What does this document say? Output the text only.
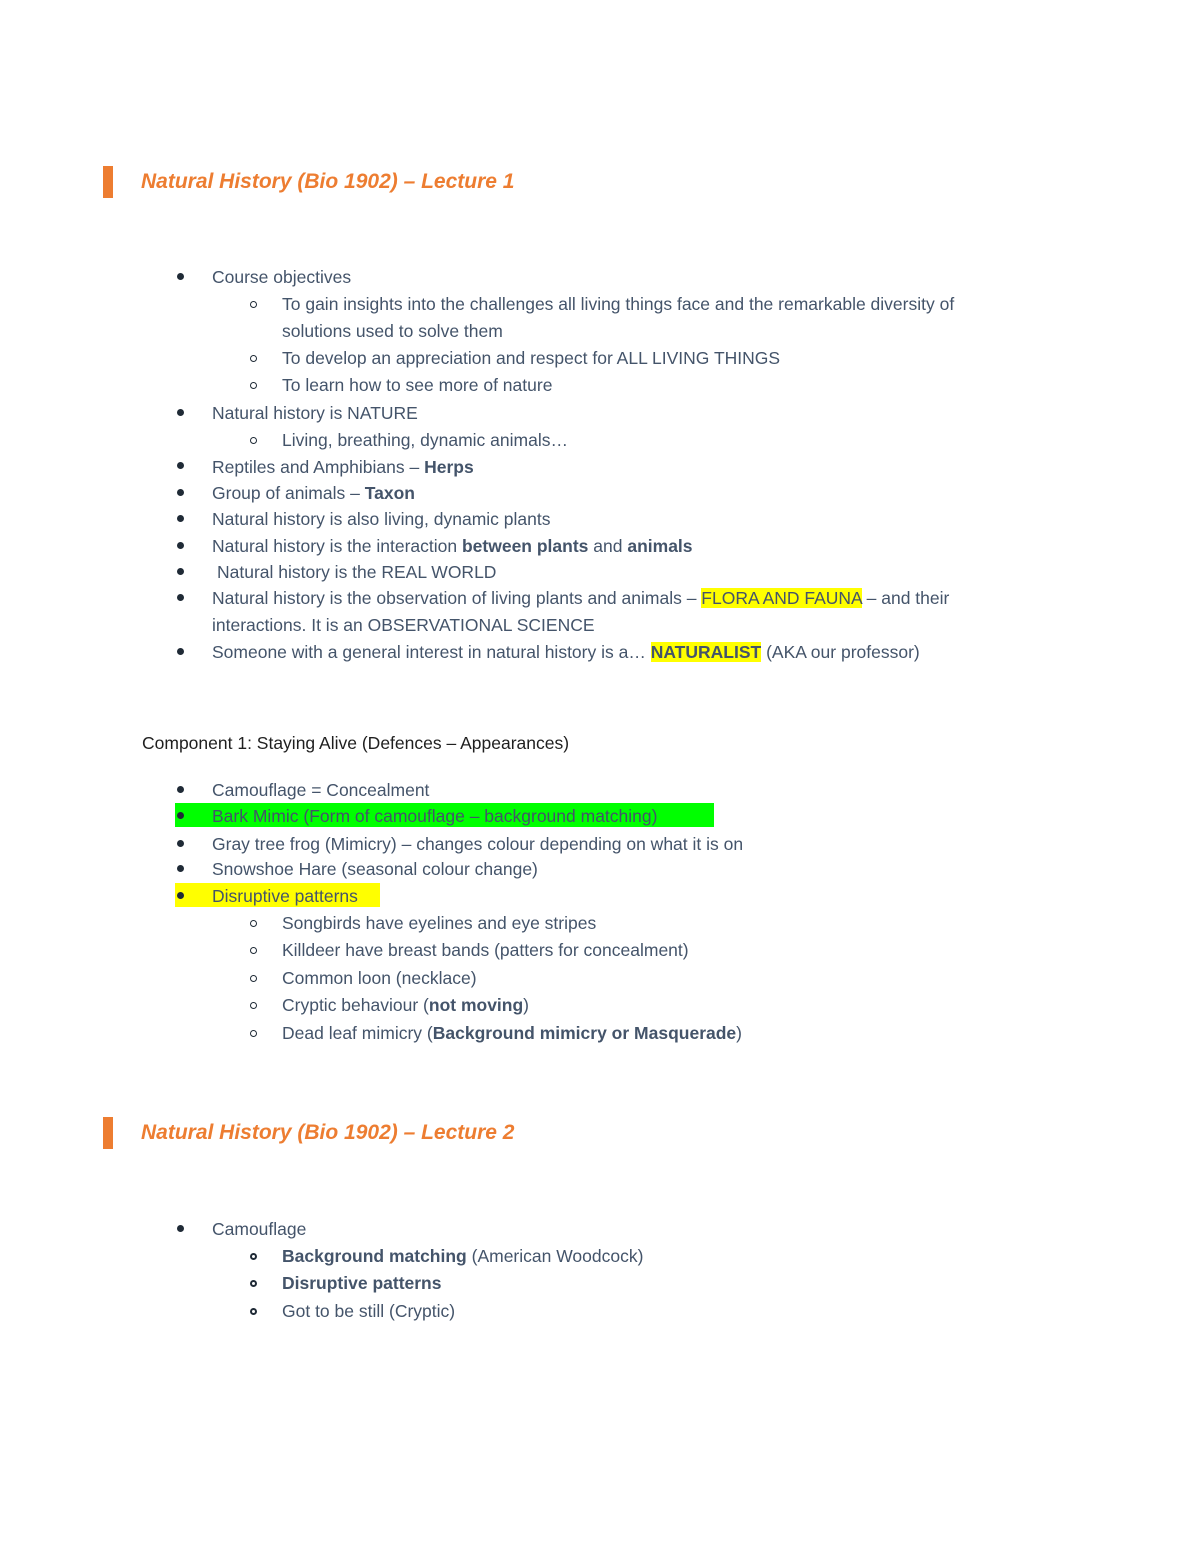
Natural History (Bio 1902) – Lecture 1
Course objectives
To gain insights into the challenges all living things face and the remarkable diversity of
solutions used to solve them
To develop an appreciation and respect for ALL LIVING THINGS
To learn how to see more of nature
Natural history is NATURE
Living, breathing, dynamic animals…
Reptiles and Amphibians – Herps
Group of animals – Taxon
Natural history is also living, dynamic plants
Natural history is the interaction between plants and animals
Natural history is the REAL WORLD
Natural history is the observation of living plants and animals – FLORA AND FAUNA – and their
interactions. It is an OBSERVATIONAL SCIENCE
Someone with a general interest in natural history is a… NATURALIST (AKA our professor)
Component 1: Staying Alive (Defences – Appearances)
Camouflage = Concealment
Bark Mimic (Form of camouflage – background matching)
Gray tree frog (Mimicry) – changes colour depending on what it is on
Snowshoe Hare (seasonal colour change)
Disruptive patterns
Songbirds have eyelines and eye stripes
Killdeer have breast bands (patters for concealment)
Common loon (necklace)
Cryptic behaviour (not moving)
Dead leaf mimicry (Background mimicry or Masquerade)
Natural History (Bio 1902) – Lecture 2
Camouflage
Background matching (American Woodcock)
Disruptive patterns
Got to be still (Cryptic)
